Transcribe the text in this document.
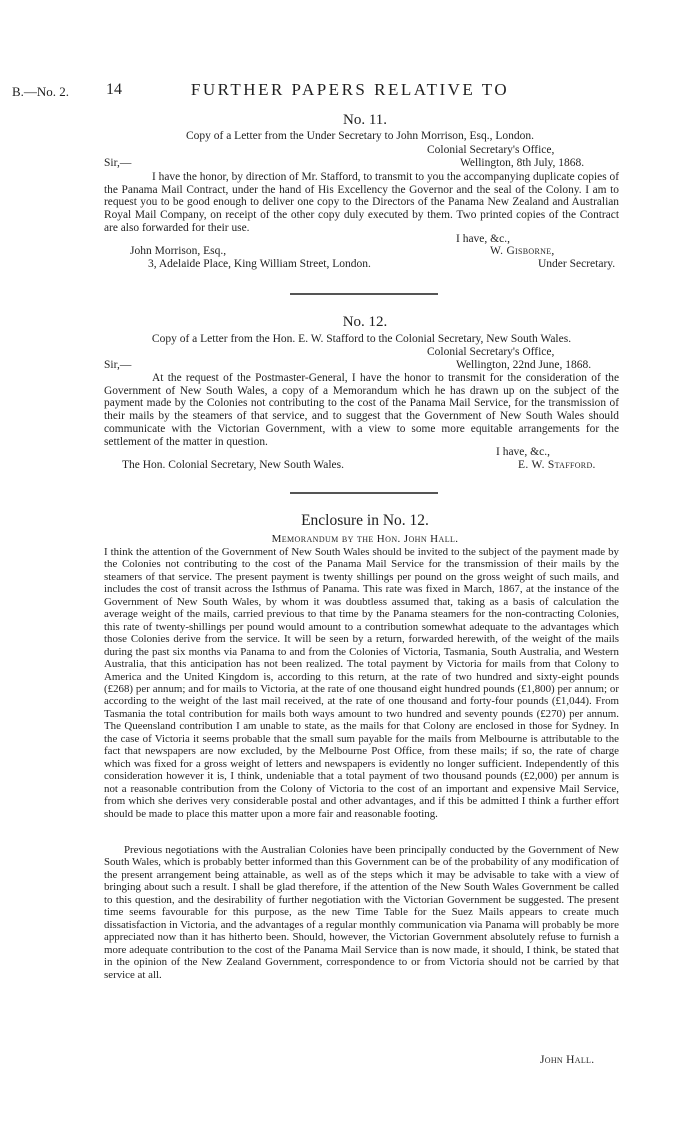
B.—No. 2. 14	FURTHER PAPERS RELATIVE TO
No. 11.
Copy of a Letter from the Under Secretary to John Morrison, Esq., London.
Colonial Secretary's Office,
Sir,—	Wellington, 8th July, 1868.

I have the honor, by direction of Mr. Stafford, to transmit to you the accompanying duplicate copies of the Panama Mail Contract, under the hand of His Excellency the Governor and the seal of the Colony. I am to request you to be good enough to deliver one copy to the Directors of the Panama New Zealand and Australian Royal Mail Company, on receipt of the other copy duly executed by them. Two printed copies of the Contract are also forwarded for their use.

I have, &c.,
John Morrison, Esq.,	W. Gisborne,
3, Adelaide Place, King William Street, London.	Under Secretary.
No. 12.
Copy of a Letter from the Hon. E. W. Stafford to the Colonial Secretary, New South Wales.
Colonial Secretary's Office,
Sir,—	Wellington, 22nd June, 1868.

At the request of the Postmaster-General, I have the honor to transmit for the consideration of the Government of New South Wales, a copy of a Memorandum which he has drawn up on the subject of the payment made by the Colonies not contributing to the cost of the Panama Mail Service, for the transmission of their mails by the steamers of that service, and to suggest that the Government of New South Wales should communicate with the Victorian Government, with a view to some more equitable arrangements for the settlement of the matter in question.

I have, &c.,
The Hon. Colonial Secretary, New South Wales.	E. W. Stafford.
Enclosure in No. 12.
Memorandum by the Hon. John Hall.

I think the attention of the Government of New South Wales should be invited to the subject of the payment made by the Colonies not contributing to the cost of the Panama Mail Service for the transmission of their mails by the steamers of that service. The present payment is twenty shillings per pound on the gross weight of such mails, and includes the cost of transit across the Isthmus of Panama. This rate was fixed in March, 1867, at the instance of the Government of New South Wales, by whom it was doubtless assumed that, taking as a basis of calculation the average weight of the mails, carried previous to that time by the Panama steamers for the non-contracting Colonies, this rate of twenty-shillings per pound would amount to a contribution somewhat adequate to the advantages which those Colonies derive from the service. It will be seen by a return, forwarded herewith, of the weight of the mails during the past six months via Panama to and from the Colonies of Victoria, Tasmania, South Australia, and Western Australia, that this anticipation has not been realized. The total payment by Victoria for mails from that Colony to America and the United Kingdom is, according to this return, at the rate of two hundred and sixty-eight pounds (£268) per annum; and for mails to Victoria, at the rate of one thousand eight hundred pounds (£1,800) per annum; or according to the weight of the last mail received, at the rate of one thousand and forty-four pounds (£1,044). From Tasmania the total contribution for mails both ways amount to two hundred and seventy pounds (£270) per annum. The Queensland contribution I am unable to state, as the mails for that Colony are enclosed in those for Sydney. In the case of Victoria it seems probable that the small sum payable for the mails from Melbourne is attributable to the fact that newspapers are now excluded, by the Melbourne Post Office, from these mails; if so, the rate of charge which was fixed for a gross weight of letters and newspapers is evidently no longer sufficient. Independently of this consideration however it is, I think, undeniable that a total payment of two thousand pounds (£2,000) per annum is not a reasonable contribution from the Colony of Victoria to the cost of an important and expensive Mail Service, from which she derives very considerable postal and other advantages, and if this be admitted I think a further effort should be made to place this matter upon a more fair and reasonable footing.

Previous negotiations with the Australian Colonies have been principally conducted by the Government of New South Wales, which is probably better informed than this Government can be of the probability of any modification of the present arrangement being attainable, as well as of the steps which it may be advisable to take with a view of bringing about such a result. I shall be glad therefore, if the attention of the New South Wales Government be called to this question, and the desirability of further negotiation with the Victorian Government be suggested. The present time seems favourable for this purpose, as the new Time Table for the Suez Mails appears to create much dissatisfaction in Victoria, and the advantages of a regular monthly communication via Panama will probably be more appreciated now than it has hitherto been. Should, however, the Victorian Government absolutely refuse to furnish a more adequate contribution to the cost of the Panama Mail Service than is now made, it should, I think, be stated that in the opinion of the New Zealand Government, correspondence to or from Victoria should not be carried by that service at all.

John Hall.
